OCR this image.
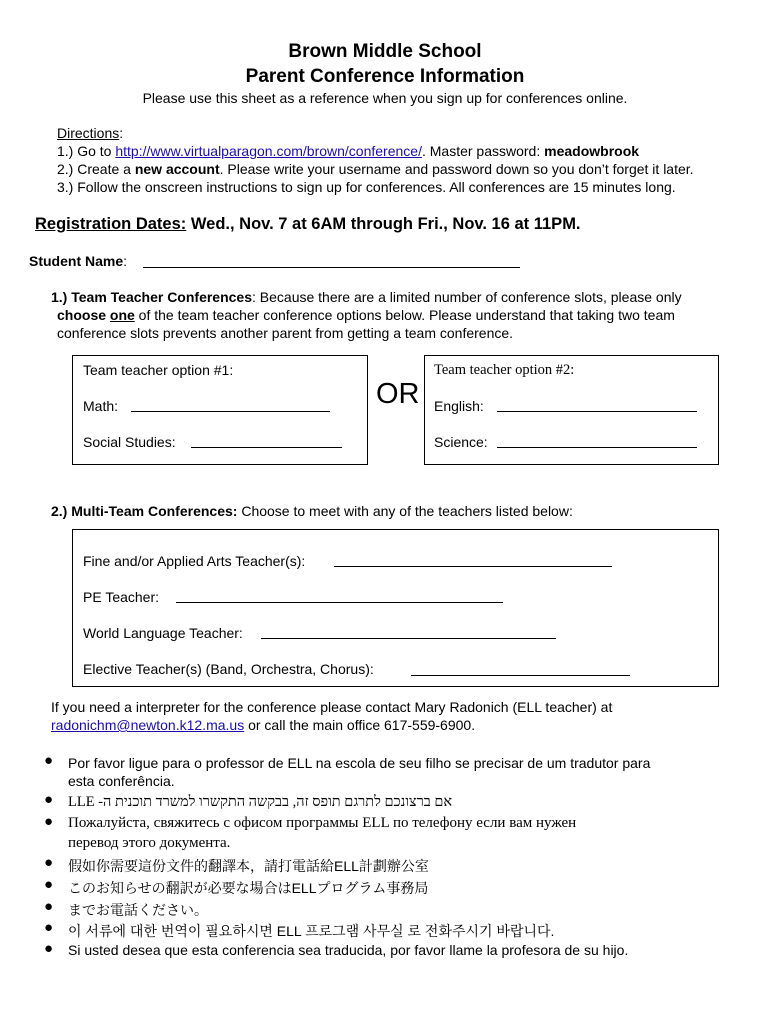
Brown Middle School
Parent Conference Information
Please use this sheet as a reference when you sign up for conferences online.
Directions:
1.) Go to http://www.virtualparagon.com/brown/conference/. Master password: meadowbrook
2.) Create a new account. Please write your username and password down so you don’t forget it later.
3.) Follow the onscreen instructions to sign up for conferences. All conferences are 15 minutes long.
Registration Dates: Wed., Nov. 7 at 6AM through Fri., Nov. 16 at 11PM.
Student Name:
1.) Team Teacher Conferences: Because there are a limited number of conference slots, please only
choose one of the team teacher conference options below. Please understand that taking two team
conference slots prevents another parent from getting a team conference.
Team teacher option #1:
Math:
Social Studies:
OR
Team teacher option #2:
English:
Science:
2.) Multi-Team Conferences: Choose to meet with any of the teachers listed below:
Fine and/or Applied Arts Teacher(s):
PE Teacher:
World Language Teacher:
Elective Teacher(s) (Band, Orchestra, Chorus):
If you need a interpreter for the conference please contact Mary Radonich (ELL teacher) at
radonichm@newton.k12.ma.us or call the main office 617-559-6900.
● Por favor ligue para o professor de ELL na escola de seu filho se precisar de um tradutor para
esta conferência.
● אם ברצונכם לתרגם תופס זה, בבקשה התקשרו למשרד תוכנית ה- LLE
● Пожалуйста, свяжитесь с офисом программы ELL по телефону если вам нужен
перевод этого документа.
● 假如你需要這份文件的翻譯本，請打電話給ELL計劃辦公室
● このお知らせの翻訳が必要な場合はELLプログラム事務局
● までお電話ください。
● 이 서류에 대한 번역이 필요하시면 ELL 프로그램 사무실 로 전화주시기 바랍니다.
● Si usted desea que esta conferencia sea traducida, por favor llame la profesora de su hijo.
